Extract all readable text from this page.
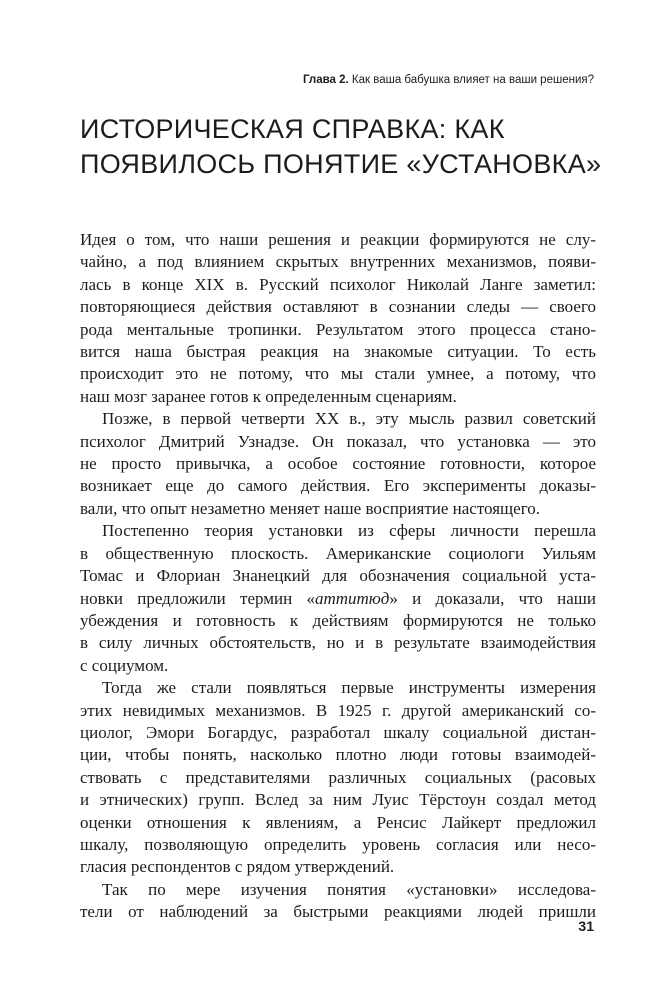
Глава 2. Как ваша бабушка влияет на ваши решения?
ИСТОРИЧЕСКАЯ СПРАВКА: КАК
ПОЯВИЛОСЬ ПОНЯТИЕ «УСТАНОВКА»
Идея о том, что наши решения и реакции формируются не слу-
чайно, а под влиянием скрытых внутренних механизмов, появи-
лась в конце XIX в. Русский психолог Николай Ланге заметил:
повторяющиеся действия оставляют в сознании следы — своего
рода ментальные тропинки. Результатом этого процесса стано-
вится наша быстрая реакция на знакомые ситуации. То есть
происходит это не потому, что мы стали умнее, а потому, что
наш мозг заранее готов к определенным сценариям.
Позже, в первой четверти XX в., эту мысль развил советский
психолог Дмитрий Узнадзе. Он показал, что установка — это
не просто привычка, а особое состояние готовности, которое
возникает еще до самого действия. Его эксперименты доказы-
вали, что опыт незаметно меняет наше восприятие настоящего.
Постепенно теория установки из сферы личности перешла
в общественную плоскость. Американские социологи Уильям
Томас и Флориан Знанецкий для обозначения социальной уста-
новки предложили термин «аттитюд» и доказали, что наши
убеждения и готовность к действиям формируются не только
в силу личных обстоятельств, но и в результате взаимодействия
с социумом.
Тогда же стали появляться первые инструменты измерения
этих невидимых механизмов. В 1925 г. другой американский со-
циолог, Эмори Богардус, разработал шкалу социальной дистан-
ции, чтобы понять, насколько плотно люди готовы взаимодей-
ствовать с представителями различных социальных (расовых
и этнических) групп. Вслед за ним Луис Тёрстоун создал метод
оценки отношения к явлениям, а Ренсис Лайкерт предложил
шкалу, позволяющую определить уровень согласия или несо-
гласия респондентов с рядом утверждений.
Так по мере изучения понятия «установки» исследова-
тели от наблюдений за быстрыми реакциями людей пришли
31
